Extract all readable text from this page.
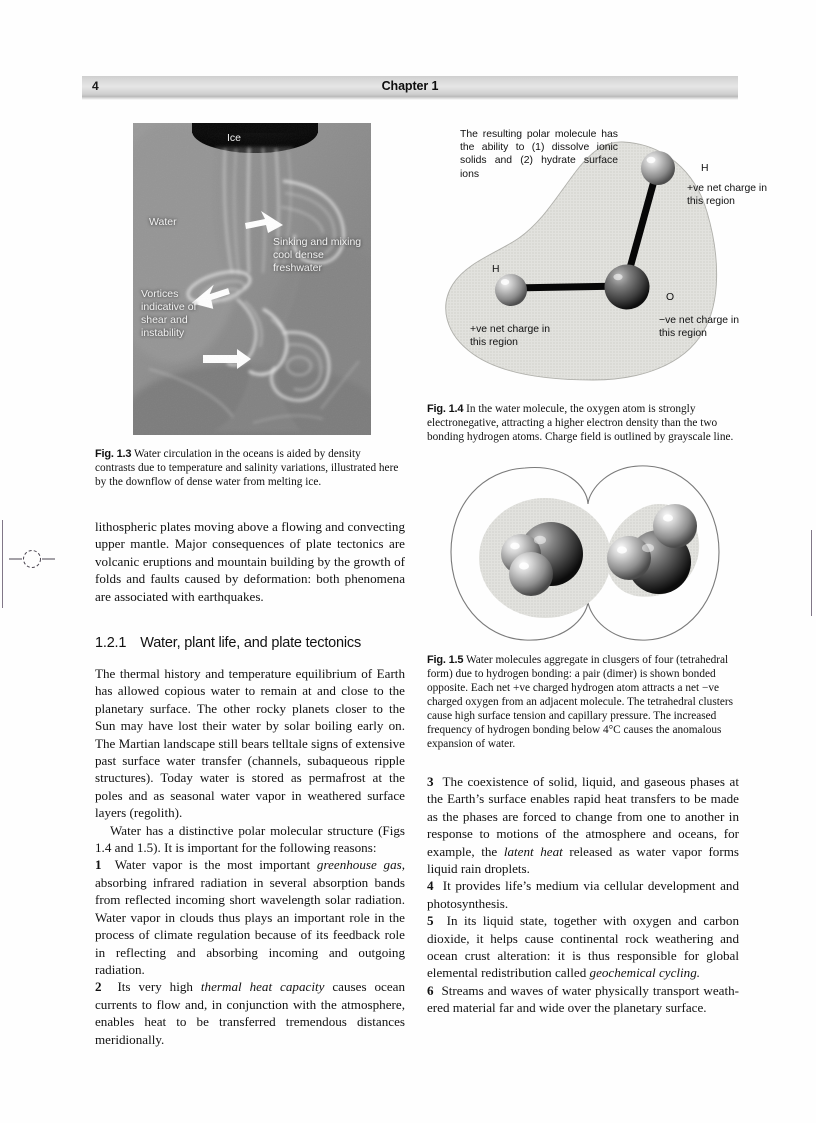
4	Chapter 1
Ice
Water
Sinking and mixing cool dense freshwater
Vortices indicative of shear and instability

Fig. 1.3 Water circulation in the oceans is aided by density contrasts due to temperature and salinity variations, illustrated here by the downflow of dense water from melting ice.

The resulting polar molecule has the ability to (1) dissolve ionic solids and (2) hydrate surface ions
H
+ve net charge in this region
H
+ve net charge in this region
O
−ve net charge in this region

Fig. 1.4 In the water molecule, the oxygen atom is strongly electronegative, attracting a higher electron density than the two bonding hydrogen atoms. Charge field is outlined by grayscale line.

Fig. 1.5 Water molecules aggregate in clusgers of four (tetrahedral form) due to hydrogen bonding: a pair (dimer) is shown bonded opposite. Each net +ve charged hydrogen atom attracts a net −ve charged oxygen from an adjacent molecule. The tetrahedral clusters cause high surface tension and capillary pressure. The increased frequency of hydrogen bonding below 4°C causes the anomalous expansion of water.

lithospheric plates moving above a flowing and convecting upper mantle. Major consequences of plate tectonics are volcanic eruptions and mountain building by the growth of folds and faults caused by deformation: both phenomena are associated with earthquakes.

1.2.1 Water, plant life, and plate tectonics

The thermal history and temperature equilibrium of Earth has allowed copious water to remain at and close to the planetary surface. The other rocky planets closer to the Sun may have lost their water by solar boiling early on. The Martian landscape still bears telltale signs of extensive past surface water transfer (channels, subaqueous ripple structures). Today water is stored as permafrost at the poles and as seasonal water vapor in weathered surface layers (regolith).

Water has a distinctive polar molecular structure (Figs 1.4 and 1.5). It is important for the following reasons:

1 Water vapor is the most important greenhouse gas, absorbing infrared radiation in several absorption bands from reflected incoming short wavelength solar radiation. Water vapor in clouds thus plays an important role in the process of climate regulation because of its feedback role in reflecting and absorbing incoming and outgoing radiation.

2 Its very high thermal heat capacity causes ocean currents to flow and, in conjunction with the atmosphere, enables heat to be transferred tremendous distances meridionally.

3 The coexistence of solid, liquid, and gaseous phases at the Earth’s surface enables rapid heat transfers to be made as the phases are forced to change from one to another in response to motions of the atmosphere and oceans, for example, the latent heat released as water vapor forms liquid rain droplets.

4 It provides life’s medium via cellular development and photosynthesis.

5 In its liquid state, together with oxygen and carbon dioxide, it helps cause continental rock weathering and ocean crust alteration: it is thus responsible for global elemental redistribution called geochemical cycling.

6 Streams and waves of water physically transport weath-ered material far and wide over the planetary surface.
